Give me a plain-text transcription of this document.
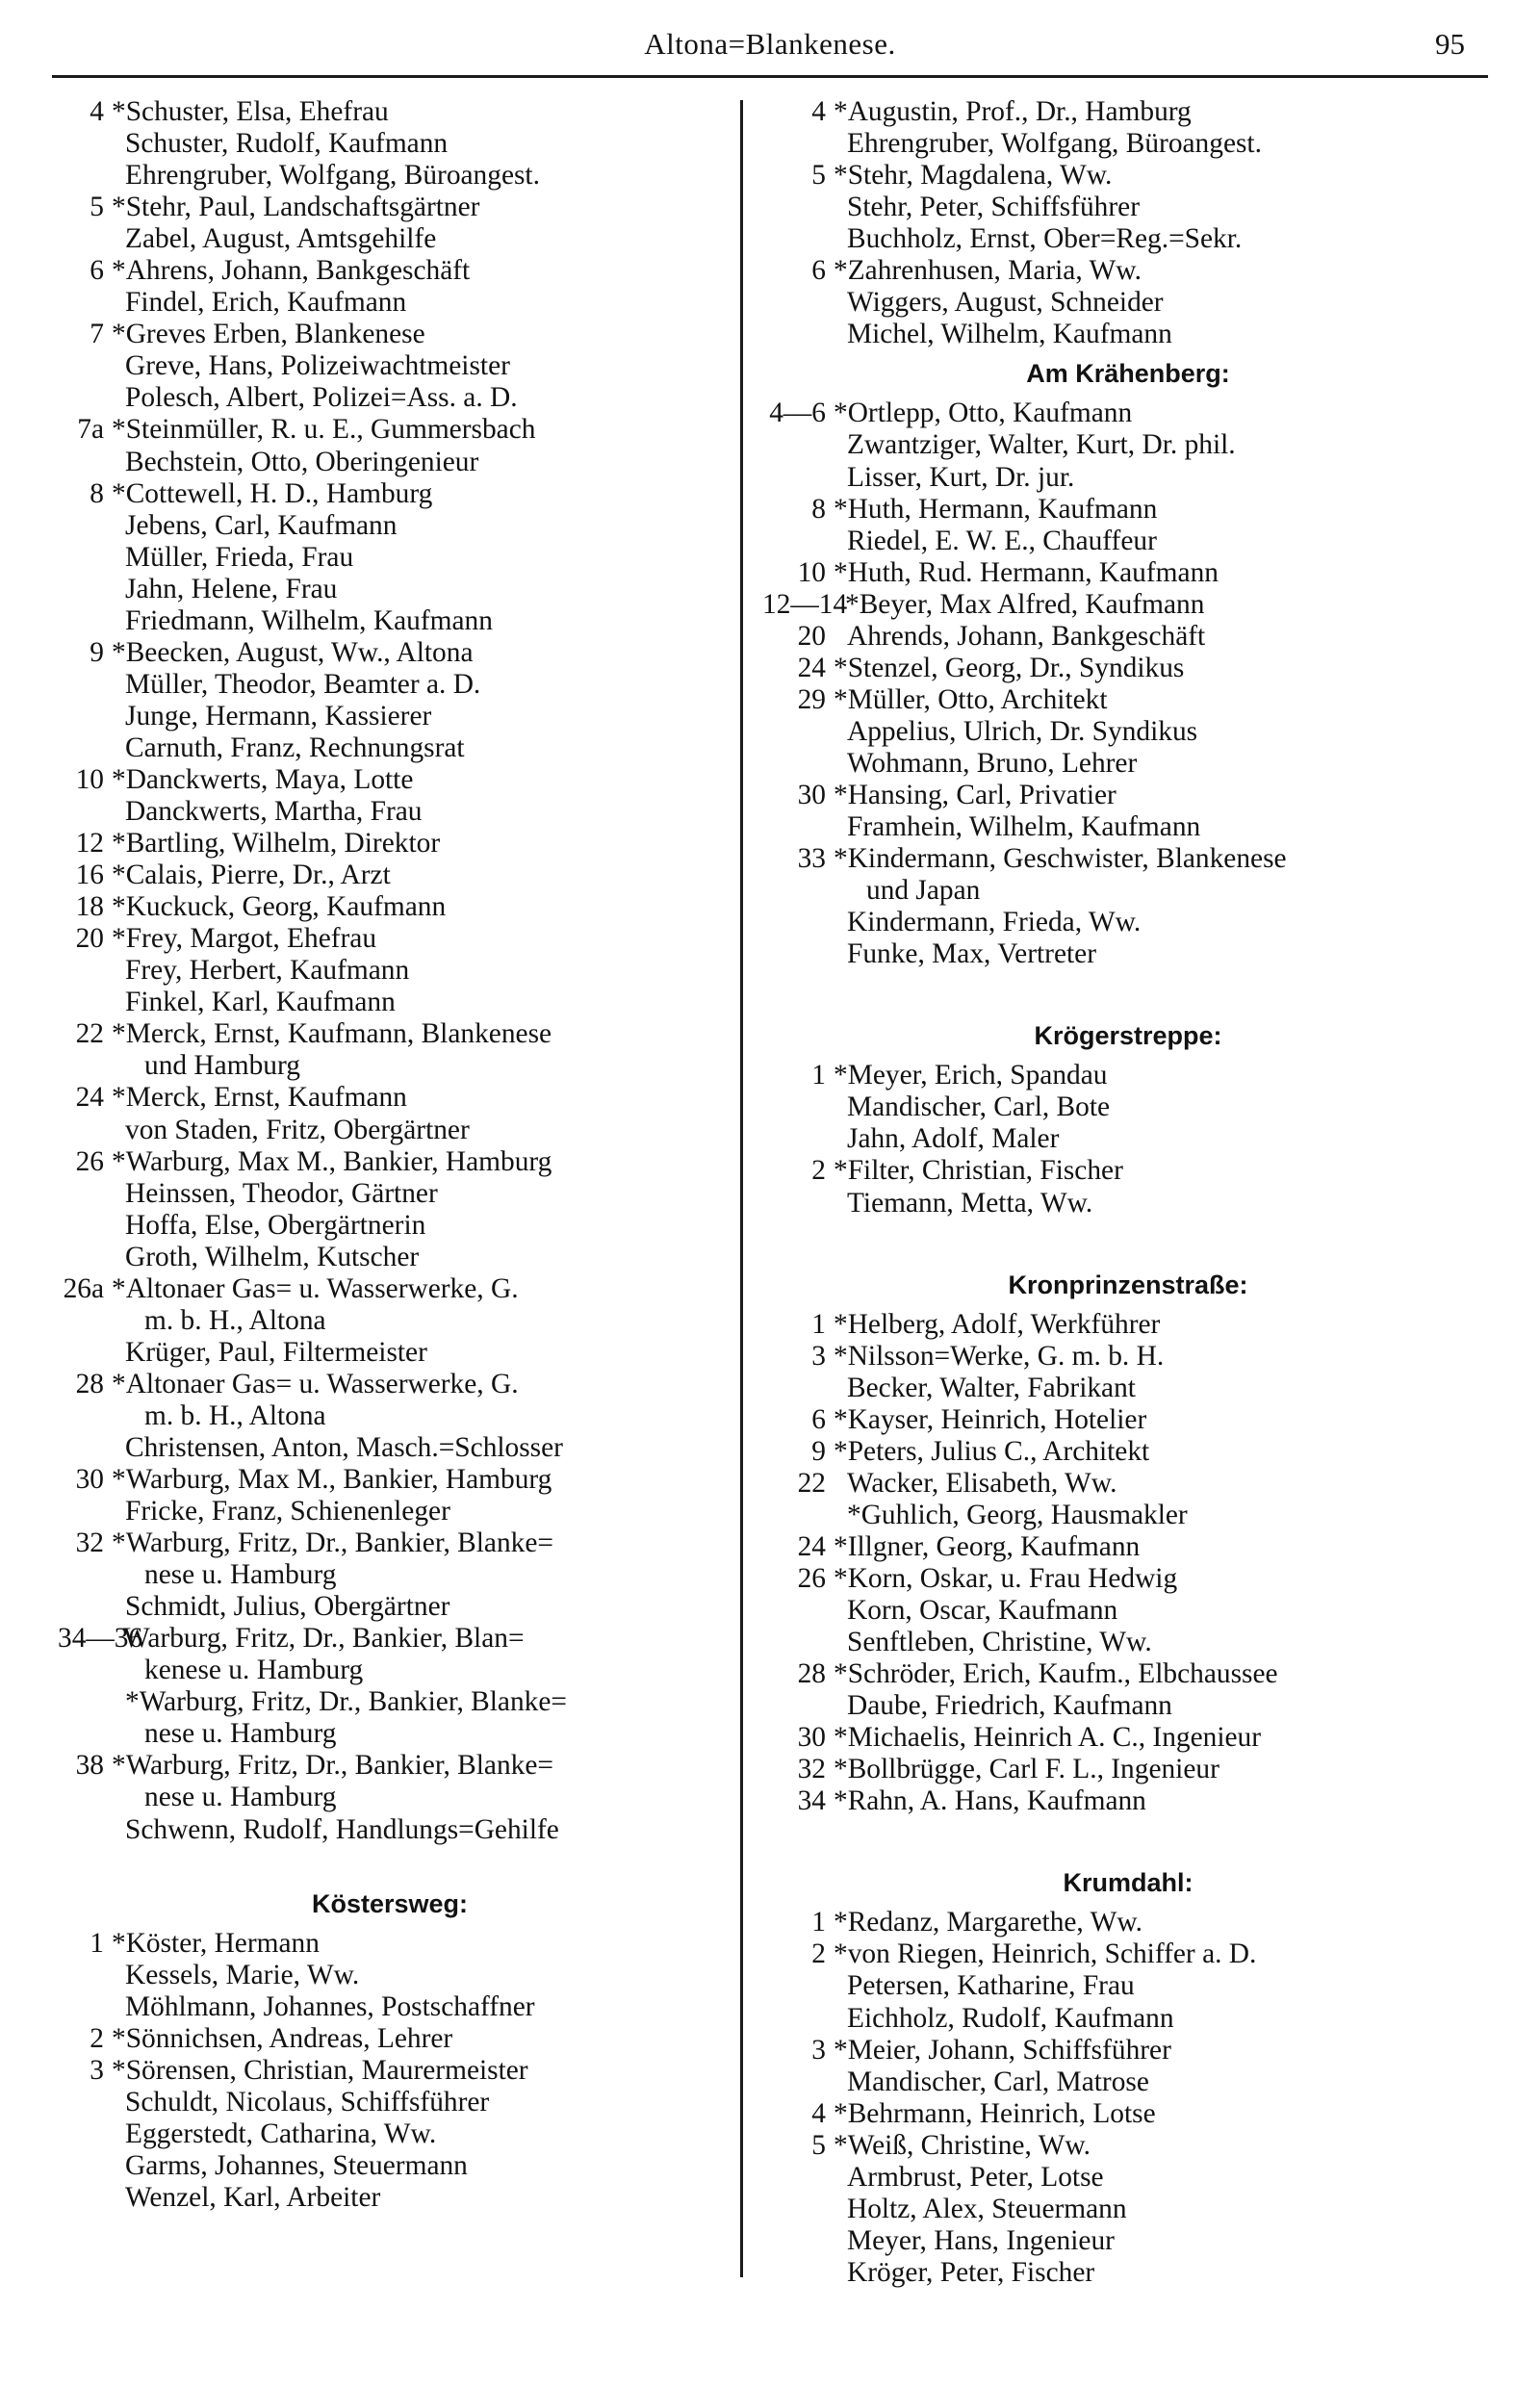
Altona=Blankenese.	95
4 *Schuster, Elsa, Ehefrau
Schuster, Rudolf, Kaufmann
Ehrengruber, Wolfgang, Büroangest.
5 *Stehr, Paul, Landschaftsgärtner
Zabel, August, Amtsgehilfe
6 *Ahrens, Johann, Bankgeschäft
Findel, Erich, Kaufmann
7 *Greves Erben, Blankenese
Greve, Hans, Polizeiwachtmeister
Polesch, Albert, Polizei=Ass. a. D.
7a *Steinmüller, R. u. E., Gummersbach
Bechstein, Otto, Oberingenieur
8 *Cottewell, H. D., Hamburg
Jebens, Carl, Kaufmann
Müller, Frieda, Frau
Jahn, Helene, Frau
Friedmann, Wilhelm, Kaufmann
9 *Beecken, August, Ww., Altona
Müller, Theodor, Beamter a. D.
Junge, Hermann, Kassierer
Carnuth, Franz, Rechnungsrat
10 *Danckwerts, Maya, Lotte
Danckwerts, Martha, Frau
12 *Bartling, Wilhelm, Direktor
16 *Calais, Pierre, Dr., Arzt
18 *Kuckuck, Georg, Kaufmann
20 *Frey, Margot, Ehefrau
Frey, Herbert, Kaufmann
Finkel, Karl, Kaufmann
22 *Merck, Ernst, Kaufmann, Blankenese
und Hamburg
24 *Merck, Ernst, Kaufmann
von Staden, Fritz, Obergärtner
26 *Warburg, Max M., Bankier, Hamburg
Heinssen, Theodor, Gärtner
Hoffa, Else, Obergärtnerin
Groth, Wilhelm, Kutscher
26a *Altonaer Gas= u. Wasserwerke, G.
m. b. H., Altona
Krüger, Paul, Filtermeister
28 *Altonaer Gas= u. Wasserwerke, G.
m. b. H., Altona
Christensen, Anton, Masch.=Schlosser
30 *Warburg, Max M., Bankier, Hamburg
Fricke, Franz, Schienenleger
32 *Warburg, Fritz, Dr., Bankier, Blanke=
nese u. Hamburg
Schmidt, Julius, Obergärtner
34—36
Warburg, Fritz, Dr., Bankier, Blan=
kenese u. Hamburg
*Warburg, Fritz, Dr., Bankier, Blanke=
nese u. Hamburg
38 *Warburg, Fritz, Dr., Bankier, Blanke=
nese u. Hamburg
Schwenn, Rudolf, Handlungs=Gehilfe
Köstersweg:
1 *Köster, Hermann
Kessels, Marie, Ww.
Möhlmann, Johannes, Postschaffner
2 *Sönnichsen, Andreas, Lehrer
3 *Sörensen, Christian, Maurermeister
Schuldt, Nicolaus, Schiffsführer
Eggerstedt, Catharina, Ww.
Garms, Johannes, Steuermann
Wenzel, Karl, Arbeiter
4 *Augustin, Prof., Dr., Hamburg
Ehrengruber, Wolfgang, Büroangest.
5 *Stehr, Magdalena, Ww.
Stehr, Peter, Schiffsführer
Buchholz, Ernst, Ober=Reg.=Sekr.
6 *Zahrenhusen, Maria, Ww.
Wiggers, August, Schneider
Michel, Wilhelm, Kaufmann
Am Krähenberg:
4—6 *Ortlepp, Otto, Kaufmann
Zwantziger, Walter, Kurt, Dr. phil.
Lisser, Kurt, Dr. jur.
8 *Huth, Hermann, Kaufmann
Riedel, E. W. E., Chauffeur
10 *Huth, Rud. Hermann, Kaufmann
12—14
*Beyer, Max Alfred, Kaufmann
20 Ahrends, Johann, Bankgeschäft
24 *Stenzel, Georg, Dr., Syndikus
29 *Müller, Otto, Architekt
Appelius, Ulrich, Dr. Syndikus
Wohmann, Bruno, Lehrer
30 *Hansing, Carl, Privatier
Framhein, Wilhelm, Kaufmann
33 *Kindermann, Geschwister, Blankenese
und Japan
Kindermann, Frieda, Ww.
Funke, Max, Vertreter
Krögerstreppe:
1 *Meyer, Erich, Spandau
Mandischer, Carl, Bote
Jahn, Adolf, Maler
2 *Filter, Christian, Fischer
Tiemann, Metta, Ww.
Kronprinzenstraße:
1 *Helberg, Adolf, Werkführer
3 *Nilsson=Werke, G. m. b. H.
Becker, Walter, Fabrikant
6 *Kayser, Heinrich, Hotelier
9 *Peters, Julius C., Architekt
22 Wacker, Elisabeth, Ww.
*Guhlich, Georg, Hausmakler
24 *Illgner, Georg, Kaufmann
26 *Korn, Oskar, u. Frau Hedwig
Korn, Oscar, Kaufmann
Senftleben, Christine, Ww.
28 *Schröder, Erich, Kaufm., Elbchaussee
Daube, Friedrich, Kaufmann
30 *Michaelis, Heinrich A. C., Ingenieur
32 *Bollbrügge, Carl F. L., Ingenieur
34 *Rahn, A. Hans, Kaufmann
Krumdahl:
1 *Redanz, Margarethe, Ww.
2 *von Riegen, Heinrich, Schiffer a. D.
Petersen, Katharine, Frau
Eichholz, Rudolf, Kaufmann
3 *Meier, Johann, Schiffsführer
Mandischer, Carl, Matrose
4 *Behrmann, Heinrich, Lotse
5 *Weiß, Christine, Ww.
Armbrust, Peter, Lotse
Holtz, Alex, Steuermann
Meyer, Hans, Ingenieur
Kröger, Peter, Fischer
